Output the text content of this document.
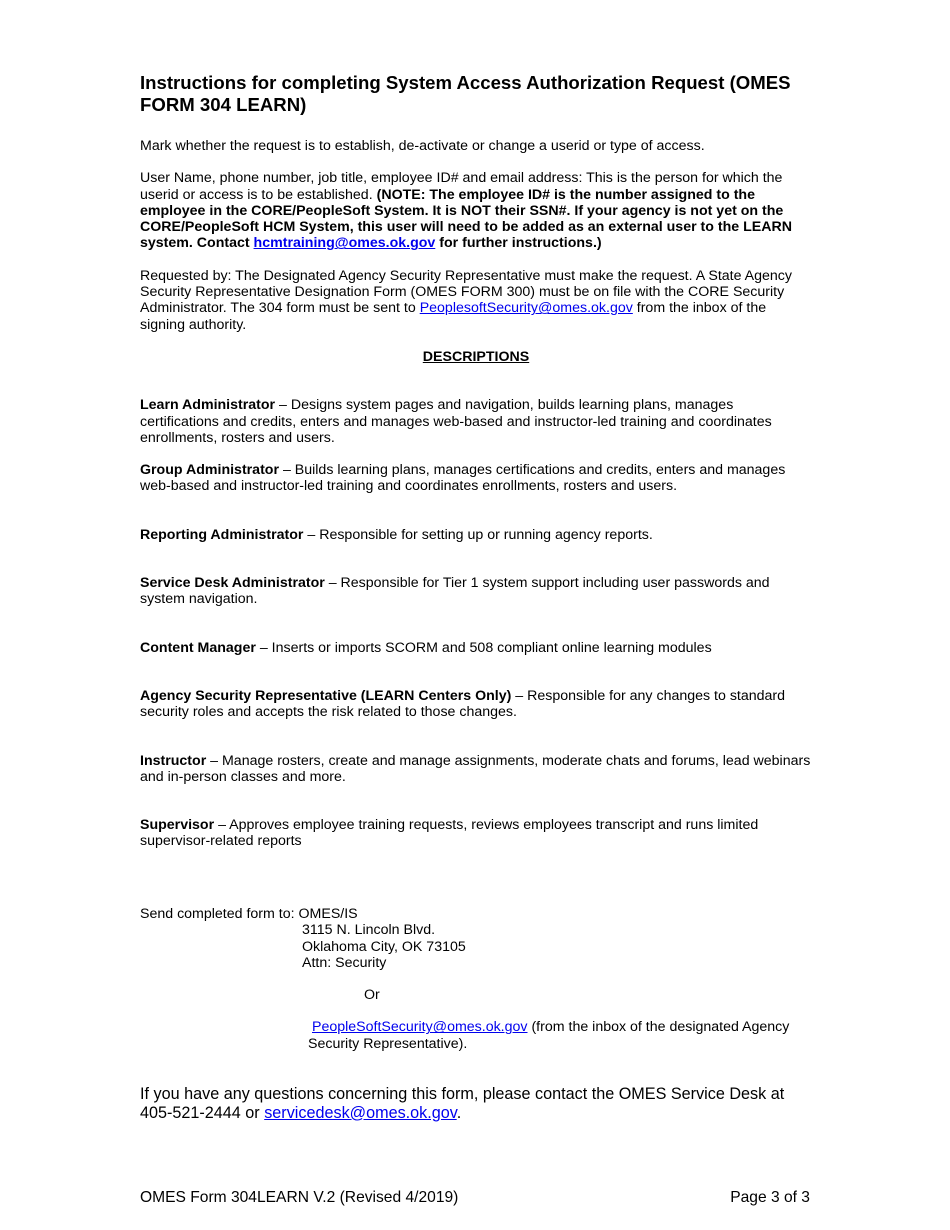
Instructions for completing System Access Authorization Request (OMES FORM 304 LEARN)

Mark whether the request is to establish, de-activate or change a userid or type of access.

User Name, phone number, job title, employee ID# and email address: This is the person for which the userid or access is to be established. (NOTE: The employee ID# is the number assigned to the employee in the CORE/PeopleSoft System. It is NOT their SSN#. If your agency is not yet on the CORE/PeopleSoft HCM System, this user will need to be added as an external user to the LEARN system. Contact hcmtraining@omes.ok.gov for further instructions.)

Requested by: The Designated Agency Security Representative must make the request. A State Agency Security Representative Designation Form (OMES FORM 300) must be on file with the CORE Security Administrator. The 304 form must be sent to PeoplesoftSecurity@omes.ok.gov from the inbox of the signing authority.

DESCRIPTIONS

Learn Administrator – Designs system pages and navigation, builds learning plans, manages certifications and credits, enters and manages web-based and instructor-led training and coordinates enrollments, rosters and users.

Group Administrator – Builds learning plans, manages certifications and credits, enters and manages web-based and instructor-led training and coordinates enrollments, rosters and users.

Reporting Administrator – Responsible for setting up or running agency reports.

Service Desk Administrator – Responsible for Tier 1 system support including user passwords and system navigation.

Content Manager – Inserts or imports SCORM and 508 compliant online learning modules

Agency Security Representative (LEARN Centers Only) – Responsible for any changes to standard security roles and accepts the risk related to those changes.

Instructor – Manage rosters, create and manage assignments, moderate chats and forums, lead webinars and in-person classes and more.

Supervisor – Approves employee training requests, reviews employees transcript and runs limited supervisor-related reports

Send completed form to: OMES/IS

3115 N. Lincoln Blvd.

Oklahoma City, OK 73105

Attn: Security

Or

PeopleSoftSecurity@omes.ok.gov (from the inbox of the designated Agency Security Representative).

If you have any questions concerning this form, please contact the OMES Service Desk at 405-521-2444 or servicedesk@omes.ok.gov.

OMES Form 304LEARN V.2 (Revised 4/2019)	Page 3 of 3
